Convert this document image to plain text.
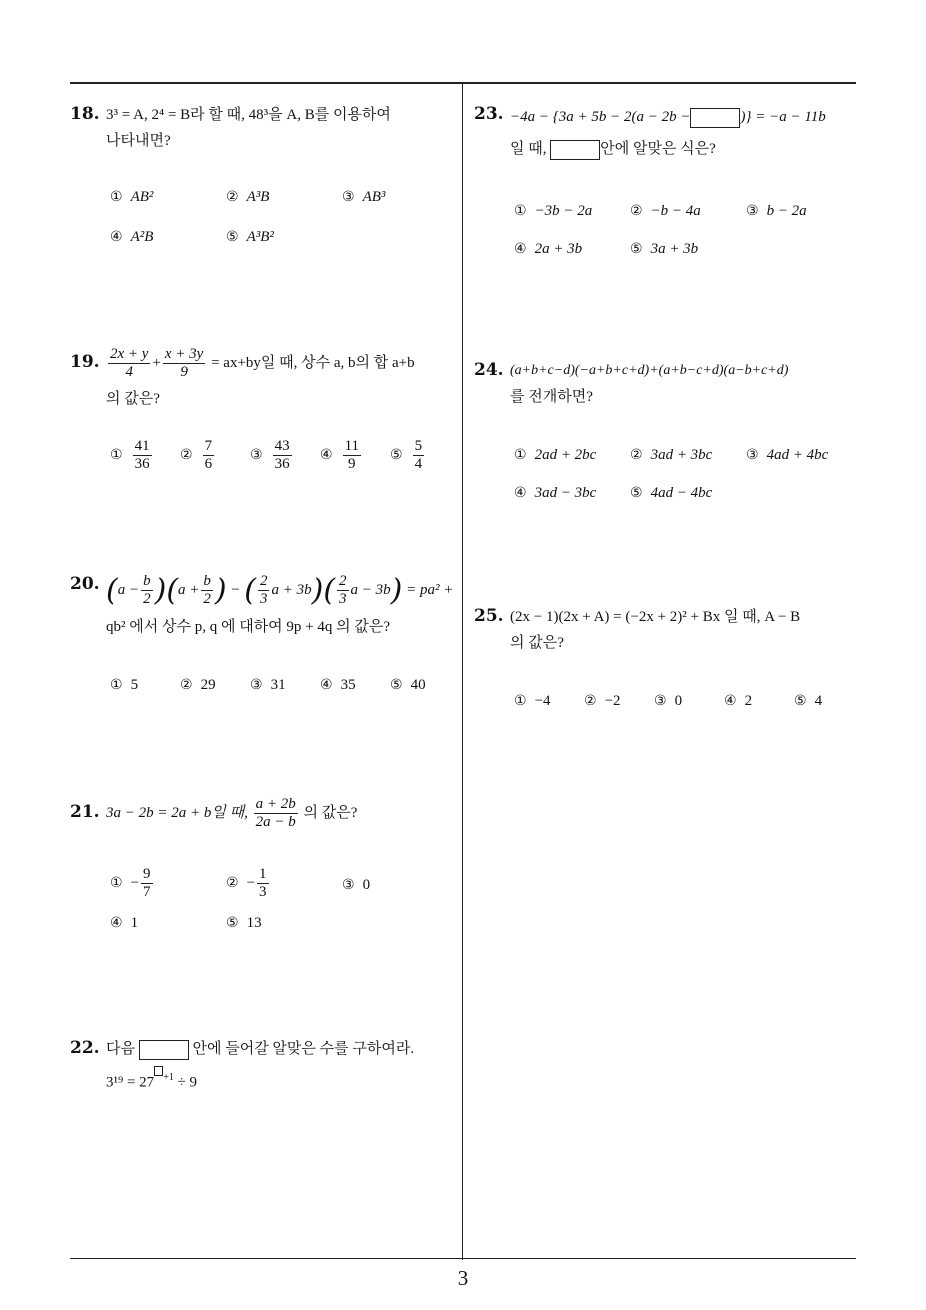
3
18. 3³ = A, 2⁴ = B라 할 때, 48³을 A, B를 이용하여
나타내면?
① AB²	② A³B	③ AB³
④ A²B	⑤ A³B²
19. $\frac{2x + y}{4} + \frac{x + 3y}{9} = ax+by$일 때, 상수 a, b의 합 a+b
의 값은?
① $\frac{41}{36}$ ② $\frac{7}{6}$	③ $\frac{43}{36}$ ④ $\frac{11}{9}$ ⑤ $\frac{5}{4}$
20. $(a - \frac{b}{2} )(a + \frac{b}{2}$ ) − ( $\frac{2}{3}$ $a + 3b)( \frac{2}{3}$ a − 3b) = pa² +
qb² 에서 상수 p, q 에 대하여 9p + 4q 의 값은?
① 5	② 29 ③ 31 ④ 35 ⑤ 40
21. 3a − 2b = 2a + b일 때, $\frac{a + 2b}{2a - b}$ 의 값은?
① − $\frac{9}{7}$	② − $\frac{1}{3}$	③ 0
④ 1	⑤ 13
22. 다음	안에 들어갈 알맞은 수를 구하여라.
3¹⁹ = 27 $^{+1}$ ÷ 9
23. −4a − {3a + 5b − 2(a − 2b −	)} = −a − 11b
일 때,	안에 알맞은 식은?
① −3b − 2a	② −b − 4a	③ b − 2a
④ 2a + 3b	⑤ 3a + 3b
24. (a+b+c−d)(−a+b+c+d)+(a+b−c+d)(a−b+c+d)
를 전개하면?
① 2ad + 2bc ② 3ad + 3bc ③ 4ad + 4bc
④ 3ad − 3bc ⑤ 4ad − 4bc
25. (2x − 1)(2x + A) = (−2x + 2)² + Bx 일 때, A − B
의 값은?
① −4 ② −2 ③ 0	④ 2	⑤ 4
